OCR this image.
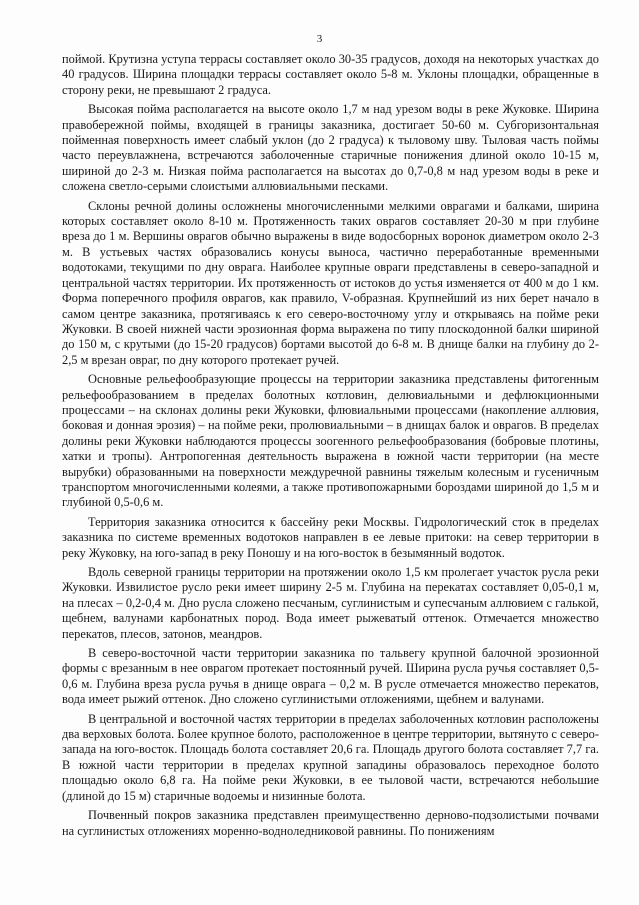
3

поймой. Крутизна уступа террасы составляет около 30-35 градусов, доходя на некоторых участках до 40 градусов. Ширина площадки террасы составляет около 5-8 м. Уклоны площадки, обращенные в сторону реки, не превышают 2 градуса.

Высокая пойма располагается на высоте около 1,7 м над урезом воды в реке Жуковке. Ширина правобережной поймы, входящей в границы заказника, достигает 50-60 м. Субгоризонтальная пойменная поверхность имеет слабый уклон (до 2 градуса) к тыловому шву. Тыловая часть поймы часто переувлажнена, встречаются заболоченные старичные понижения длиной около 10-15 м, шириной до 2-3 м. Низкая пойма располагается на высотах до 0,7-0,8 м над урезом воды в реке и сложена светло-серыми слоистыми аллювиальными песками.

Склоны речной долины осложнены многочисленными мелкими оврагами и балками, ширина которых составляет около 8-10 м. Протяженность таких оврагов составляет 20-30 м при глубине вреза до 1 м. Вершины оврагов обычно выражены в виде водосборных воронок диаметром около 2-3 м. В устьевых частях образовались конусы выноса, частично переработанные временными водотоками, текущими по дну оврага. Наиболее крупные овраги представлены в северо-западной и центральной частях территории. Их протяженность от истоков до устья изменяется от 400 м до 1 км. Форма поперечного профиля оврагов, как правило, V-образная. Крупнейший из них берет начало в самом центре заказника, протягиваясь к его северо-восточному углу и открываясь на пойме реки Жуковки. В своей нижней части эрозионная форма выражена по типу плоскодонной балки шириной до 150 м, с крутыми (до 15-20 градусов) бортами высотой до 6-8 м. В днище балки на глубину до 2-2,5 м врезан овраг, по дну которого протекает ручей.

Основные рельефообразующие процессы на территории заказника представлены фитогенным рельефообразованием в пределах болотных котловин, делювиальными и дефлюкционными процессами – на склонах долины реки Жуковки, флювиальными процессами (накопление аллювия, боковая и донная эрозия) – на пойме реки, пролювиальными – в днищах балок и оврагов. В пределах долины реки Жуковки наблюдаются процессы зоогенного рельефообразования (бобровые плотины, хатки и тропы). Антропогенная деятельность выражена в южной части территории (на месте вырубки) образованными на поверхности междуречной равнины тяжелым колесным и гусеничным транспортом многочисленными колеями, а также противопожарными бороздами шириной до 1,5 м и глубиной 0,5-0,6 м.

Территория заказника относится к бассейну реки Москвы. Гидрологический сток в пределах заказника по системе временных водотоков направлен в ее левые притоки: на север территории в реку Жуковку, на юго-запад в реку Поношу и на юго-восток в безымянный водоток.

Вдоль северной границы территории на протяжении около 1,5 км пролегает участок русла реки Жуковки. Извилистое русло реки имеет ширину 2-5 м. Глубина на перекатах составляет 0,05-0,1 м, на плесах – 0,2-0,4 м. Дно русла сложено песчаным, суглинистым и супесчаным аллювием с галькой, щебнем, валунами карбонатных пород. Вода имеет рыжеватый оттенок. Отмечается множество перекатов, плесов, затонов, меандров.

В северо-восточной части территории заказника по тальвегу крупной балочной эрозионной формы с врезанным в нее оврагом протекает постоянный ручей. Ширина русла ручья составляет 0,5-0,6 м. Глубина вреза русла ручья в днище оврага – 0,2 м. В русле отмечается множество перекатов, вода имеет рыжий оттенок. Дно сложено суглинистыми отложениями, щебнем и валунами.

В центральной и восточной частях территории в пределах заболоченных котловин расположены два верховых болота. Более крупное болото, расположенное в центре территории, вытянуто с северо-запада на юго-восток. Площадь болота составляет 20,6 га. Площадь другого болота составляет 7,7 га. В южной части территории в пределах крупной западины образовалось переходное болото площадью около 6,8 га. На пойме реки Жуковки, в ее тыловой части, встречаются небольшие (длиной до 15 м) старичные водоемы и низинные болота.

Почвенный покров заказника представлен преимущественно дерново-подзолистыми почвами на суглинистых отложениях моренно-водноледниковой равнины. По понижениям
